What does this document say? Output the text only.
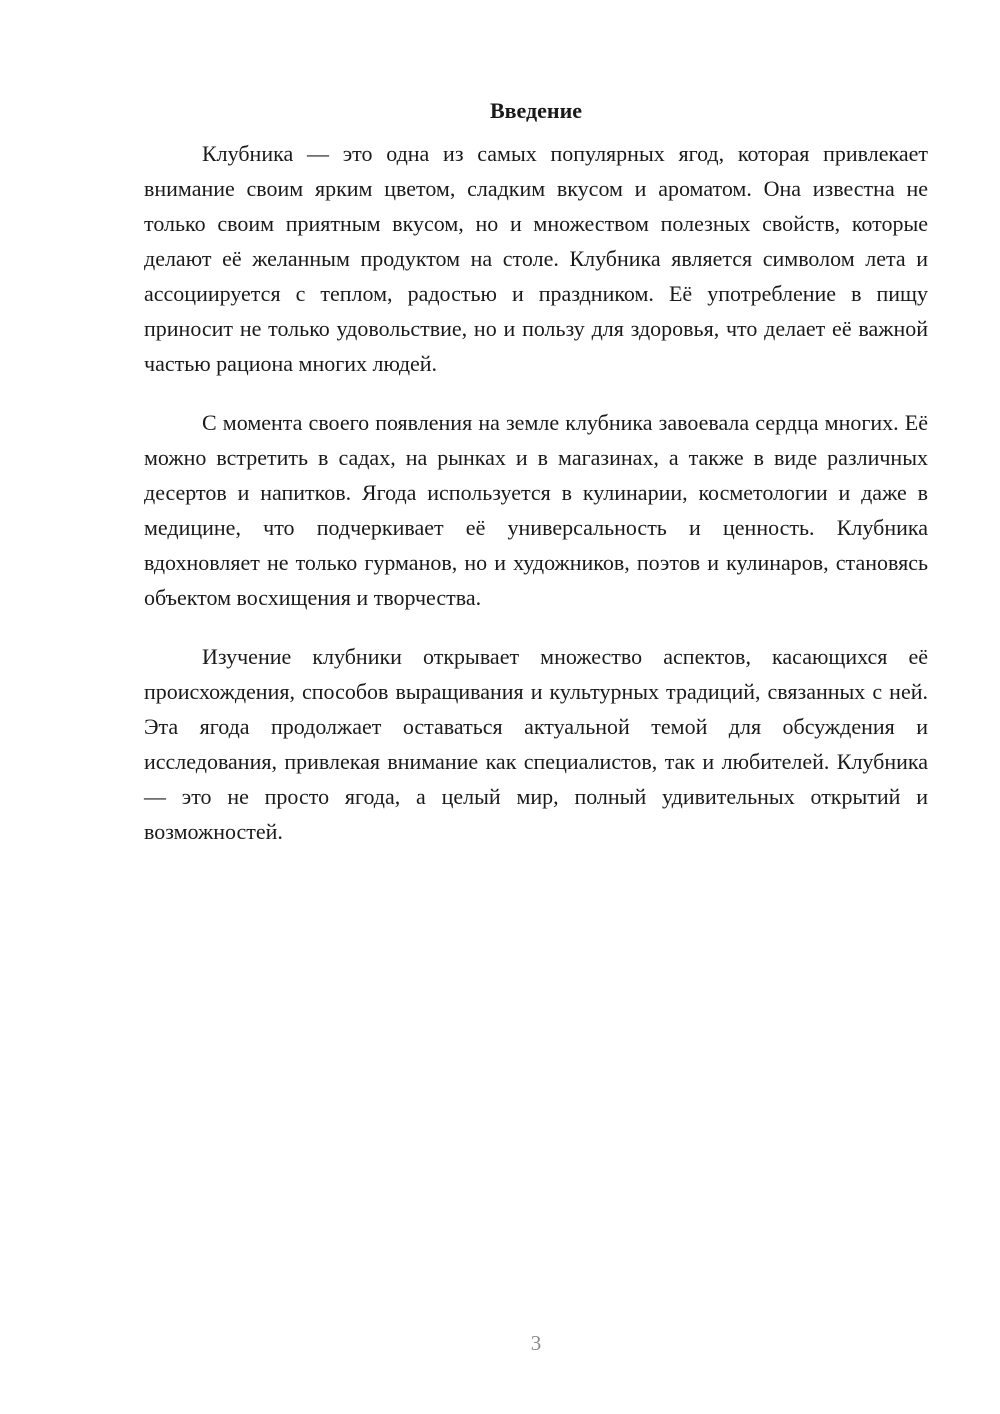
Введение

Клубника — это одна из самых популярных ягод, которая привлекает внимание своим ярким цветом, сладким вкусом и ароматом. Она известна не только своим приятным вкусом, но и множеством полезных свойств, которые делают её желанным продуктом на столе. Клубника является символом лета и ассоциируется с теплом, радостью и праздником. Её употребление в пищу приносит не только удовольствие, но и пользу для здоровья, что делает её важной частью рациона многих людей.

С момента своего появления на земле клубника завоевала сердца многих. Её можно встретить в садах, на рынках и в магазинах, а также в виде различных десертов и напитков. Ягода используется в кулинарии, косметологии и даже в медицине, что подчеркивает её универсальность и ценность. Клубника вдохновляет не только гурманов, но и художников, поэтов и кулинаров, становясь объектом восхищения и творчества.

Изучение клубники открывает множество аспектов, касающихся её происхождения, способов выращивания и культурных традиций, связанных с ней. Эта ягода продолжает оставаться актуальной темой для обсуждения и исследования, привлекая внимание как специалистов, так и любителей. Клубника — это не просто ягода, а целый мир, полный удивительных открытий и возможностей.

3
